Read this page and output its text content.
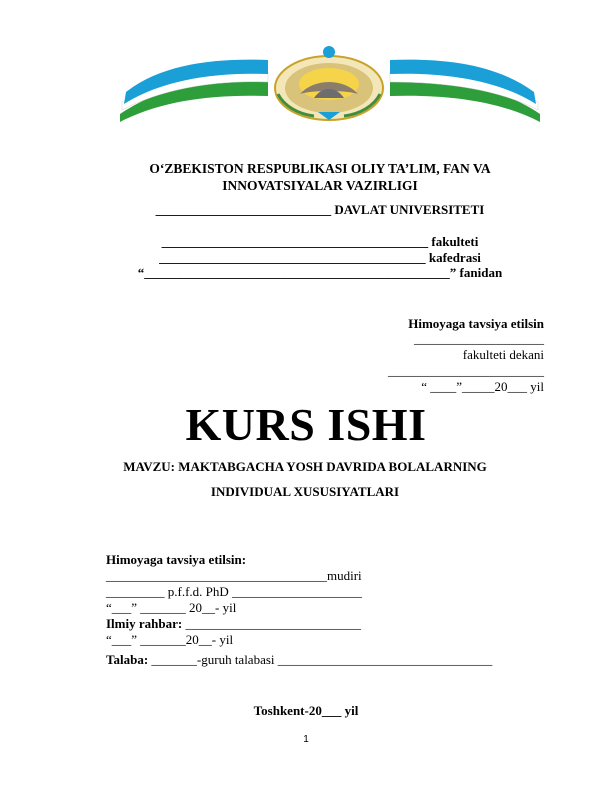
O‘ZBEKISTON RESPUBLIKASI OLIY TA’LIM, FAN VA
INNOVATSIYALAR VAZIRLIGI
___________________________ DAVLAT UNIVERSITETI
_________________________________________ fakulteti
_________________________________________ kafedrasi
“_______________________________________________” fanidan
Himoyaga tavsiya etilsin
____________________
fakulteti dekani
________________________
“ ____”_____20___ yil
KURS ISHI
MAVZU: MAKTABGACHA YOSH DAVRIDA BOLALARNING
INDIVIDUAL XUSUSIYATLARI
Himoyaga tavsiya etilsin:
__________________________________mudiri
_________ p.f.f.d. PhD ____________________
“___” _______ 20__- yil
Ilmiy rahbar: ___________________________
“___” _______20__- yil
Talaba: _______-guruh talabasi _________________________________
Toshkent-20___ yil
1
